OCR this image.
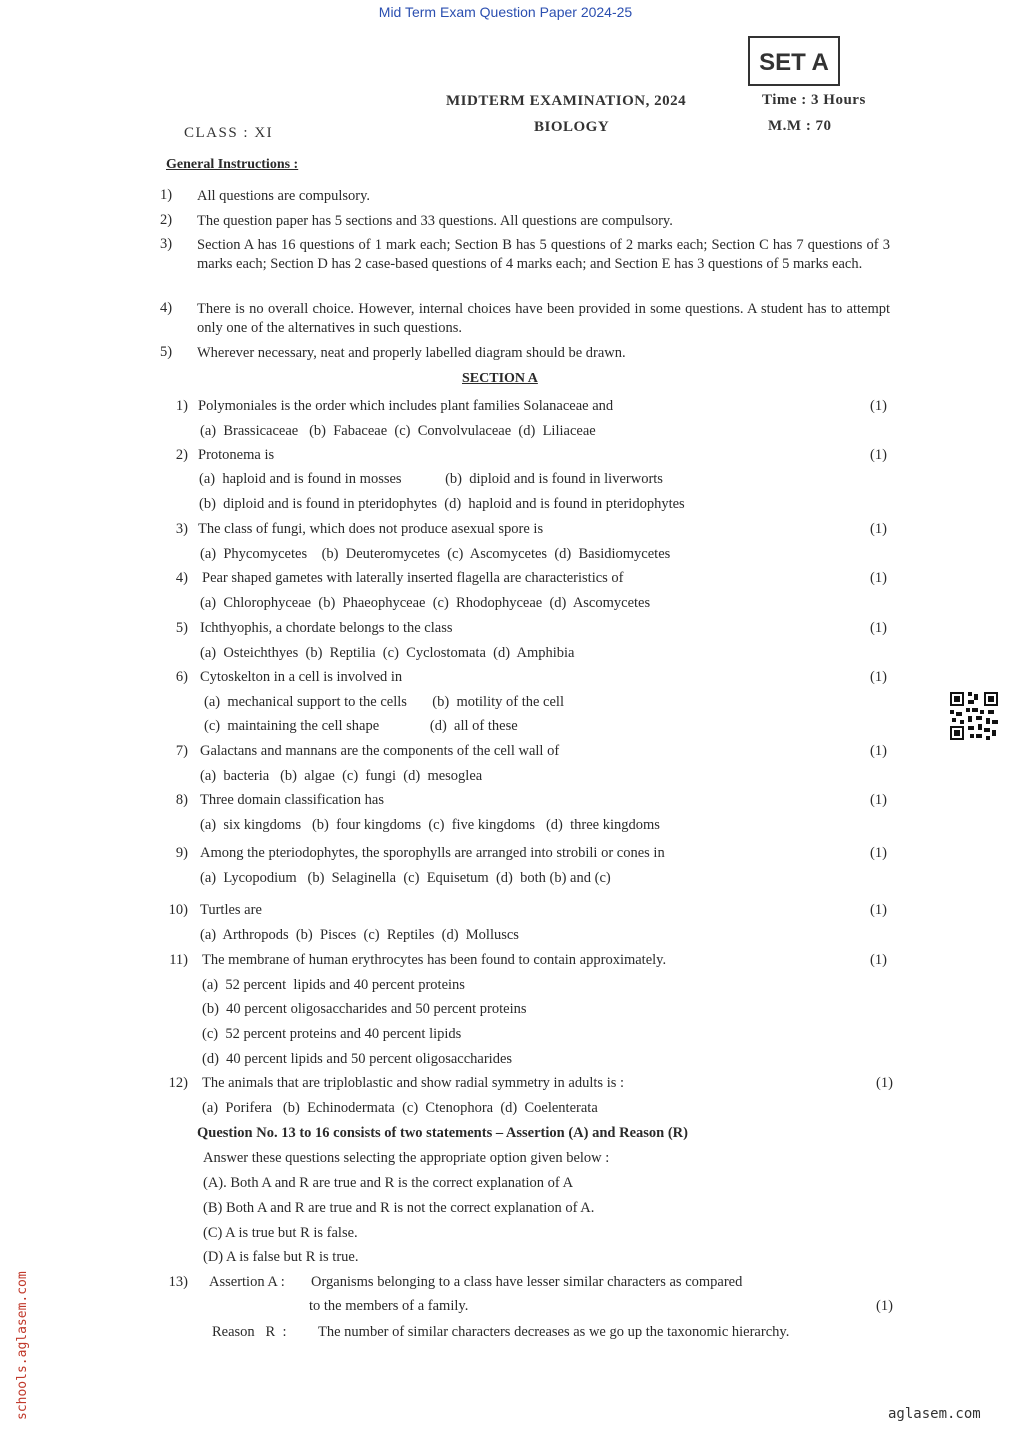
Mid Term Exam Question Paper 2024-25
SET A
MIDTERM EXAMINATION, 2024
BIOLOGY
CLASS : XI
Time : 3 Hours
M.M : 70
General Instructions :
1)	All questions are compulsory.
2)	The question paper has 5 sections and 33 questions. All questions are compulsory.
3)	Section A has 16 questions of 1 mark each; Section B has 5 questions of 2 marks each; Section C has 7 questions of 3 marks each; Section D has 2 case-based questions of 4 marks each; and Section E has 3 questions of 5 marks each.
4)	There is no overall choice. However, internal choices have been provided in some questions. A student has to attempt only one of the alternatives in such questions.
5)	Wherever necessary, neat and properly labelled diagram should be drawn.
SECTION A
1) Polymoniales is the order which includes plant families Solanaceae and	(1)
(a)  Brassicaceae   (b)  Fabaceae  (c)  Convolvulaceae  (d)  Liliaceae
2) Protonema is	(1)
(a)  haploid and is found in mosses            (b)  diploid and is found in liverworts
(b)  diploid and is found in pteridophytes  (d)  haploid and is found in pteridophytes
3) The class of fungi, which does not produce asexual spore is	(1)
(a)  Phycomycetes    (b)  Deuteromycetes  (c)  Ascomycetes  (d)  Basidiomycetes
4) Pear shaped gametes with laterally inserted flagella are characteristics of	(1)
(a)  Chlorophyceae  (b)  Phaeophyceae  (c)  Rhodophyceae  (d)  Ascomycetes
5) Ichthyophis, a chordate belongs to the class	(1)
(a)  Osteichthyes  (b)  Reptilia  (c)  Cyclostomata  (d)  Amphibia
6) Cytoskelton in a cell is involved in	(1)
(a)  mechanical support to the cells       (b)  motility of the cell
(c)  maintaining the cell shape              (d)  all of these
7) Galactans and mannans are the components of the cell wall of	(1)
(a)  bacteria   (b)  algae  (c)  fungi  (d)  mesoglea
8) Three domain classification has	(1)
(a)  six kingdoms   (b)  four kingdoms  (c)  five kingdoms   (d)  three kingdoms
9) Among the pteriodophytes, the sporophylls are arranged into strobili or cones in	(1)
(a)  Lycopodium   (b)  Selaginella  (c)  Equisetum  (d)  both (b) and (c)
10) Turtles are	(1)
(a)  Arthropods  (b)  Pisces  (c)  Reptiles  (d)  Molluscs
11) The membrane of human erythrocytes has been found to contain approximately.	(1)
(a)  52 percent  lipids and 40 percent proteins
(b)  40 percent oligosaccharides and 50 percent proteins
(c)  52 percent proteins and 40 percent lipids
(d)  40 percent lipids and 50 percent oligosaccharides
12) The animals that are triploblastic and show radial symmetry in adults is :	(1)
(a)  Porifera   (b)  Echinodermata  (c)  Ctenophora  (d)  Coelenterata
Question No. 13 to 16 consists of two statements – Assertion (A) and Reason (R)
Answer these questions selecting the appropriate option given below :
(A). Both A and R are true and R is the correct explanation of A
(B) Both A and R are true and R is not the correct explanation of A.
(C) A is true but R is false.
(D) A is false but R is true.
13) Assertion A : Organisms belonging to a class have lesser similar characters as compared
to the members of a family.	(1)
Reason   R  : The number of similar characters decreases as we go up the taxonomic hierarchy.
schools.aglasem.com	aglasem.com
